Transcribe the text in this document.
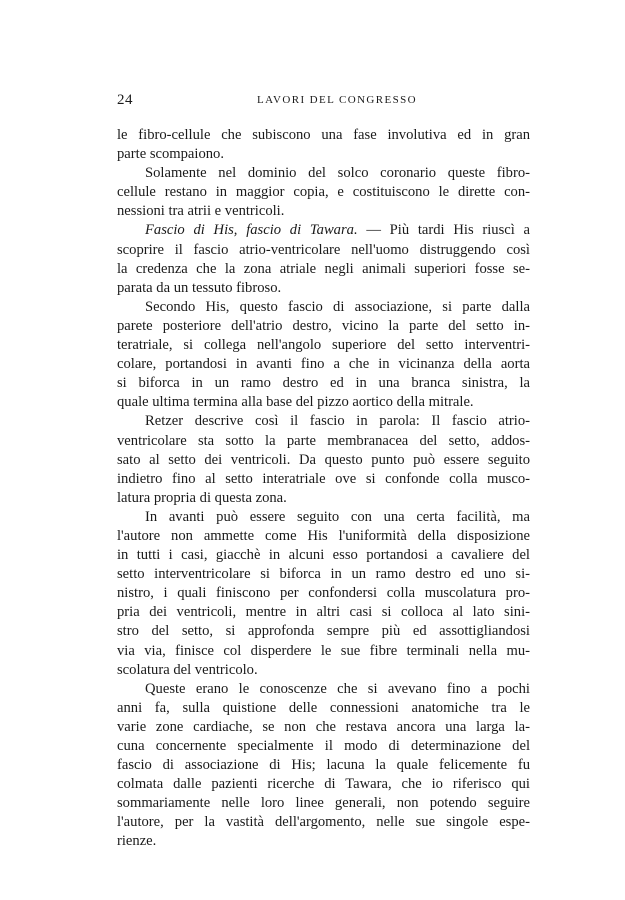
24	LAVORI DEL CONGRESSO
le fibro-cellule che subiscono una fase involutiva ed in gran
parte scompaiono.
Solamente nel dominio del solco coronario queste fibro-
cellule restano in maggior copia, e costituiscono le dirette con-
nessioni tra atrii e ventricoli.
Fascio di His, fascio di Tawara. — Più tardi His riuscì a
scoprire il fascio atrio-ventricolare nell'uomo distruggendo così
la credenza che la zona atriale negli animali superiori fosse se-
parata da un tessuto fibroso.
Secondo His, questo fascio di associazione, si parte dalla
parete posteriore dell'atrio destro, vicino la parte del setto in-
teratriale, si collega nell'angolo superiore del setto interventri-
colare, portandosi in avanti fino a che in vicinanza della aorta
si biforca in un ramo destro ed in una branca sinistra, la
quale ultima termina alla base del pizzo aortico della mitrale.
Retzer descrive così il fascio in parola: Il fascio atrio-
ventricolare sta sotto la parte membranacea del setto, addos-
sato al setto dei ventricoli. Da questo punto può essere seguito
indietro fino al setto interatriale ove si confonde colla musco-
latura propria di questa zona.
In avanti può essere seguito con una certa facilità, ma
l'autore non ammette come His l'uniformità della disposizione
in tutti i casi, giacchè in alcuni esso portandosi a cavaliere del
setto interventricolare si biforca in un ramo destro ed uno si-
nistro, i quali finiscono per confondersi colla muscolatura pro-
pria dei ventricoli, mentre in altri casi si colloca al lato sini-
stro del setto, si approfonda sempre più ed assottigliandosi
via via, finisce col disperdere le sue fibre terminali nella mu-
scolatura del ventricolo.
Queste erano le conoscenze che si avevano fino a pochi
anni fa, sulla quistione delle connessioni anatomiche tra le
varie zone cardiache, se non che restava ancora una larga la-
cuna concernente specialmente il modo di determinazione del
fascio di associazione di His; lacuna la quale felicemente fu
colmata dalle pazienti ricerche di Tawara, che io riferisco qui
sommariamente nelle loro linee generali, non potendo seguire
l'autore, per la vastità dell'argomento, nelle sue singole espe-
rienze.
